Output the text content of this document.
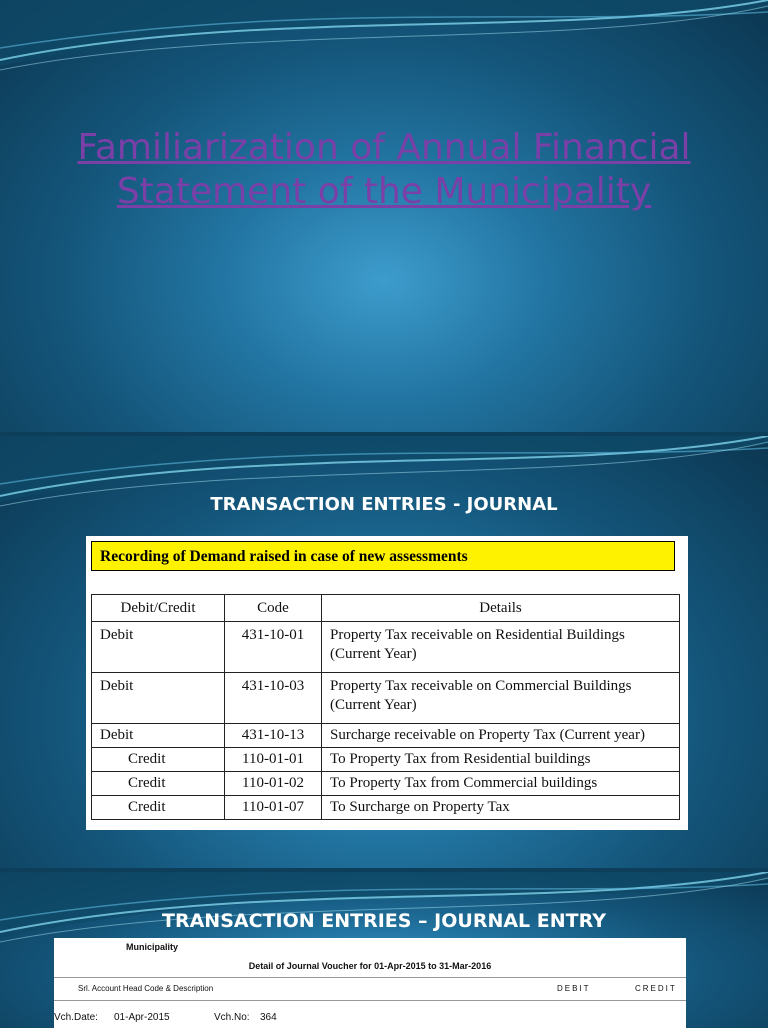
Familiarization of Annual Financial Statement of the Municipality
TRANSACTION ENTRIES - JOURNAL
Recording of Demand raised in case of new assessments
Debit/Credit	Code	Details
Debit	431-10-01	Property Tax receivable on Residential Buildings (Current Year)
Debit	431-10-03	Property Tax receivable on Commercial Buildings (Current Year)
Debit	431-10-13	Surcharge receivable on Property Tax (Current year)
Credit	110-01-01	To Property Tax from Residential buildings
Credit	110-01-02	To Property Tax from Commercial buildings
Credit	110-01-07	To Surcharge on Property Tax
TRANSACTION ENTRIES – JOURNAL ENTRY
Municipality
Detail of Journal Voucher for 01-Apr-2015 to 31-Mar-2016
Srl. Account Head Code & Description	DEBIT	CREDIT
Vch.Date: 01-Apr-2015	Vch.No: 364
